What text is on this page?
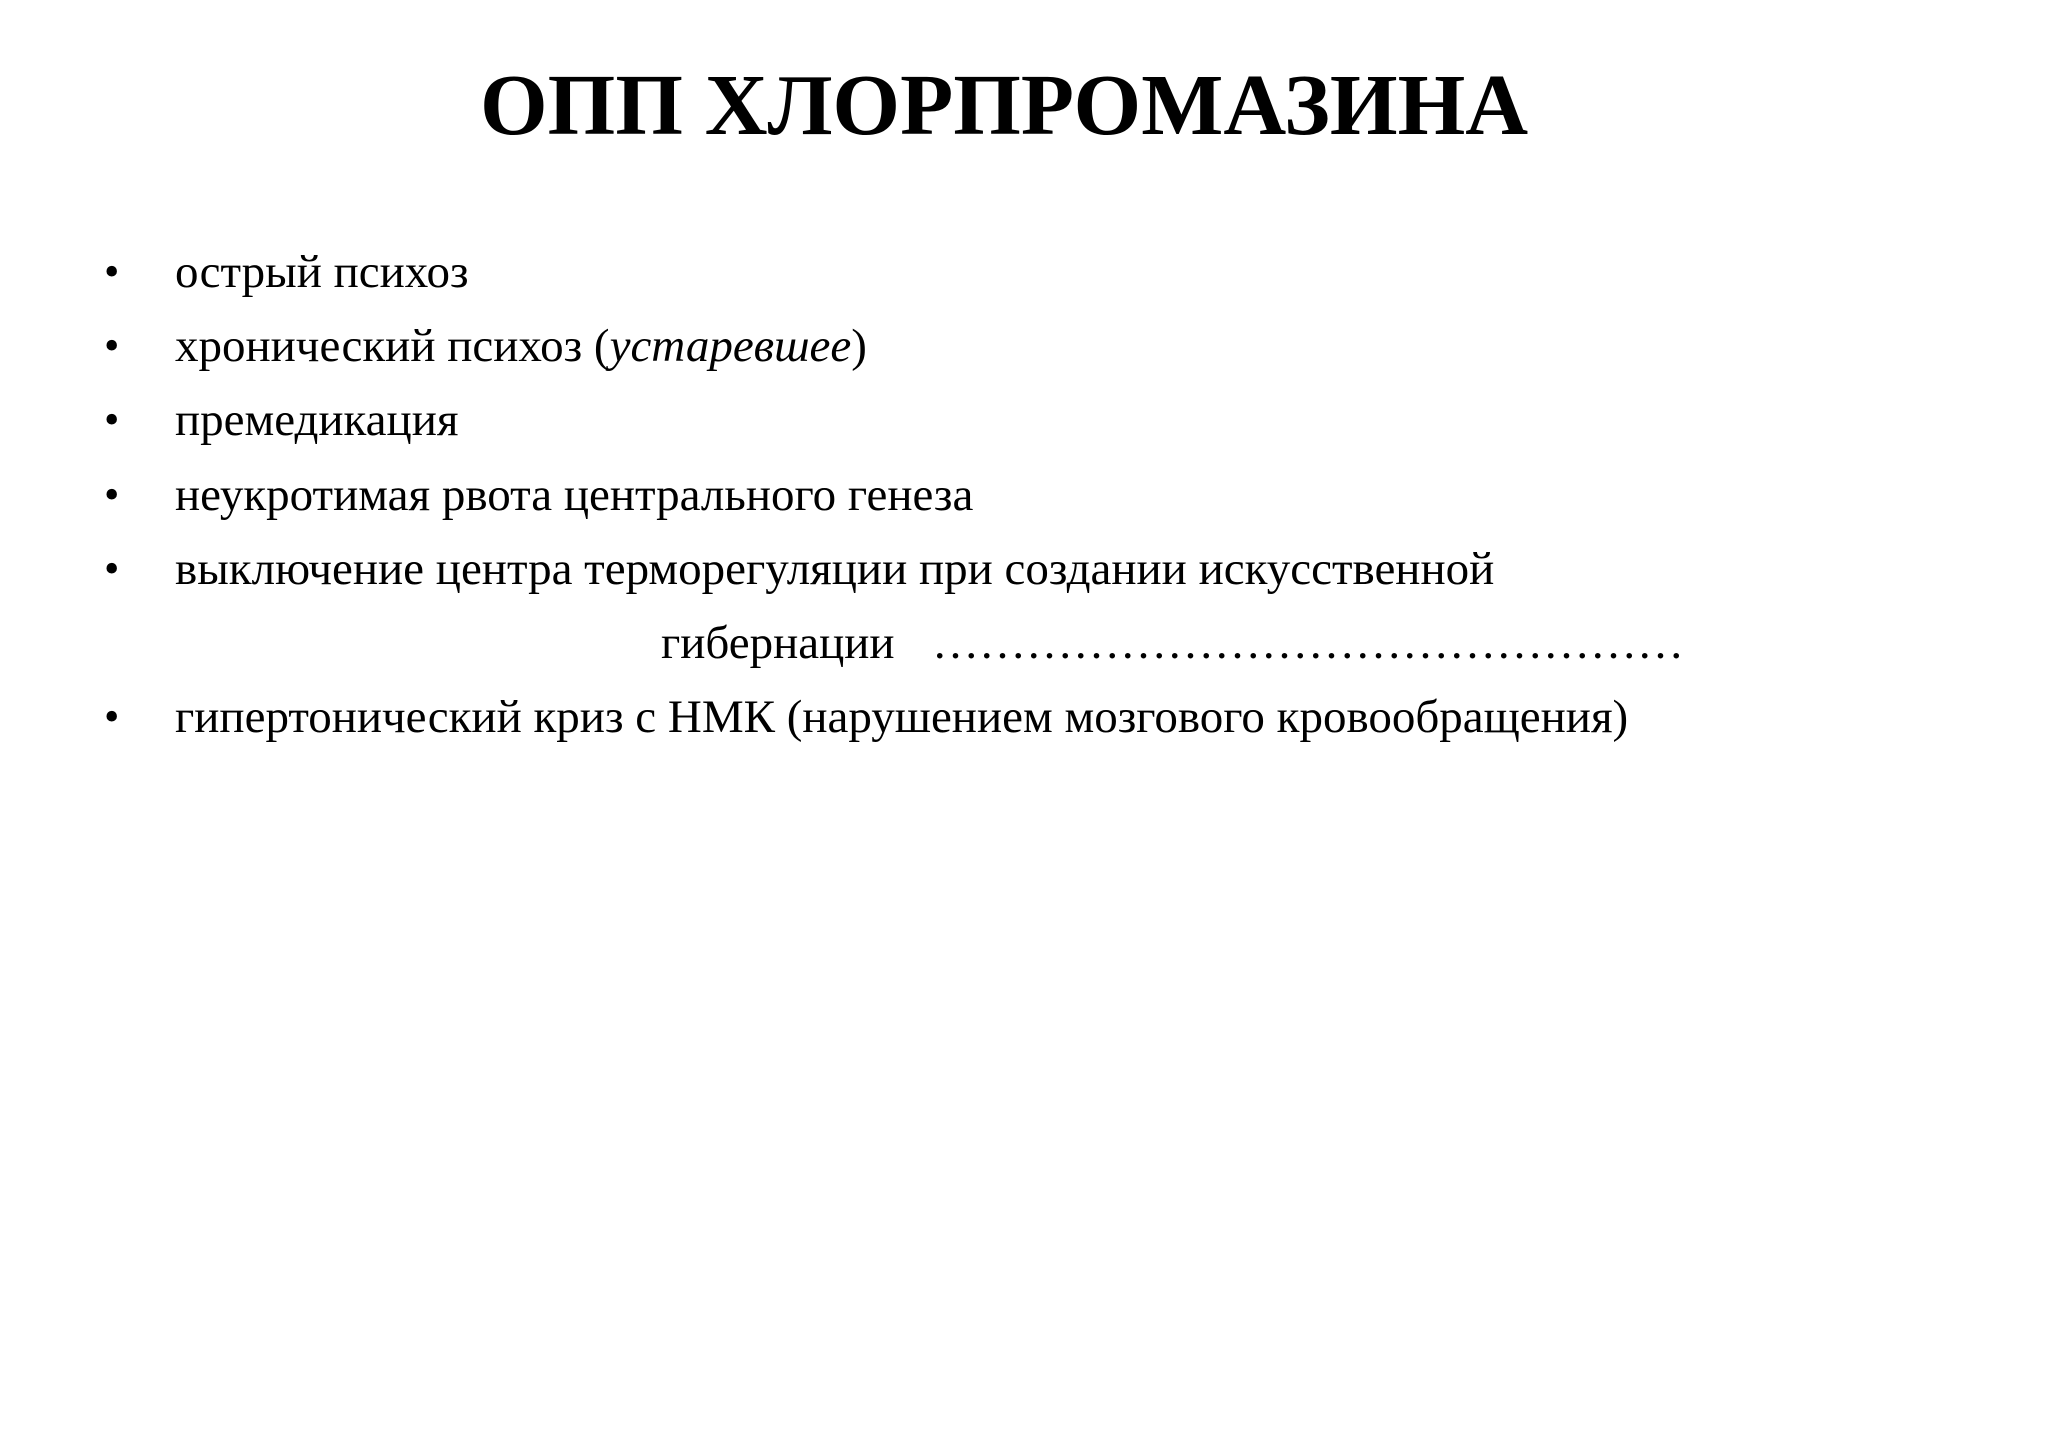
ОПП ХЛОРПРОМАЗИНА
• острый психоз
• хронический психоз (устаревшее)
• премедикация
• неукротимая рвота центрального генеза
• выключение центра терморегуляции при создании искусственной
гибернации …………………………………………
• гипертонический криз с НМК (нарушением мозгового кровообращения)
